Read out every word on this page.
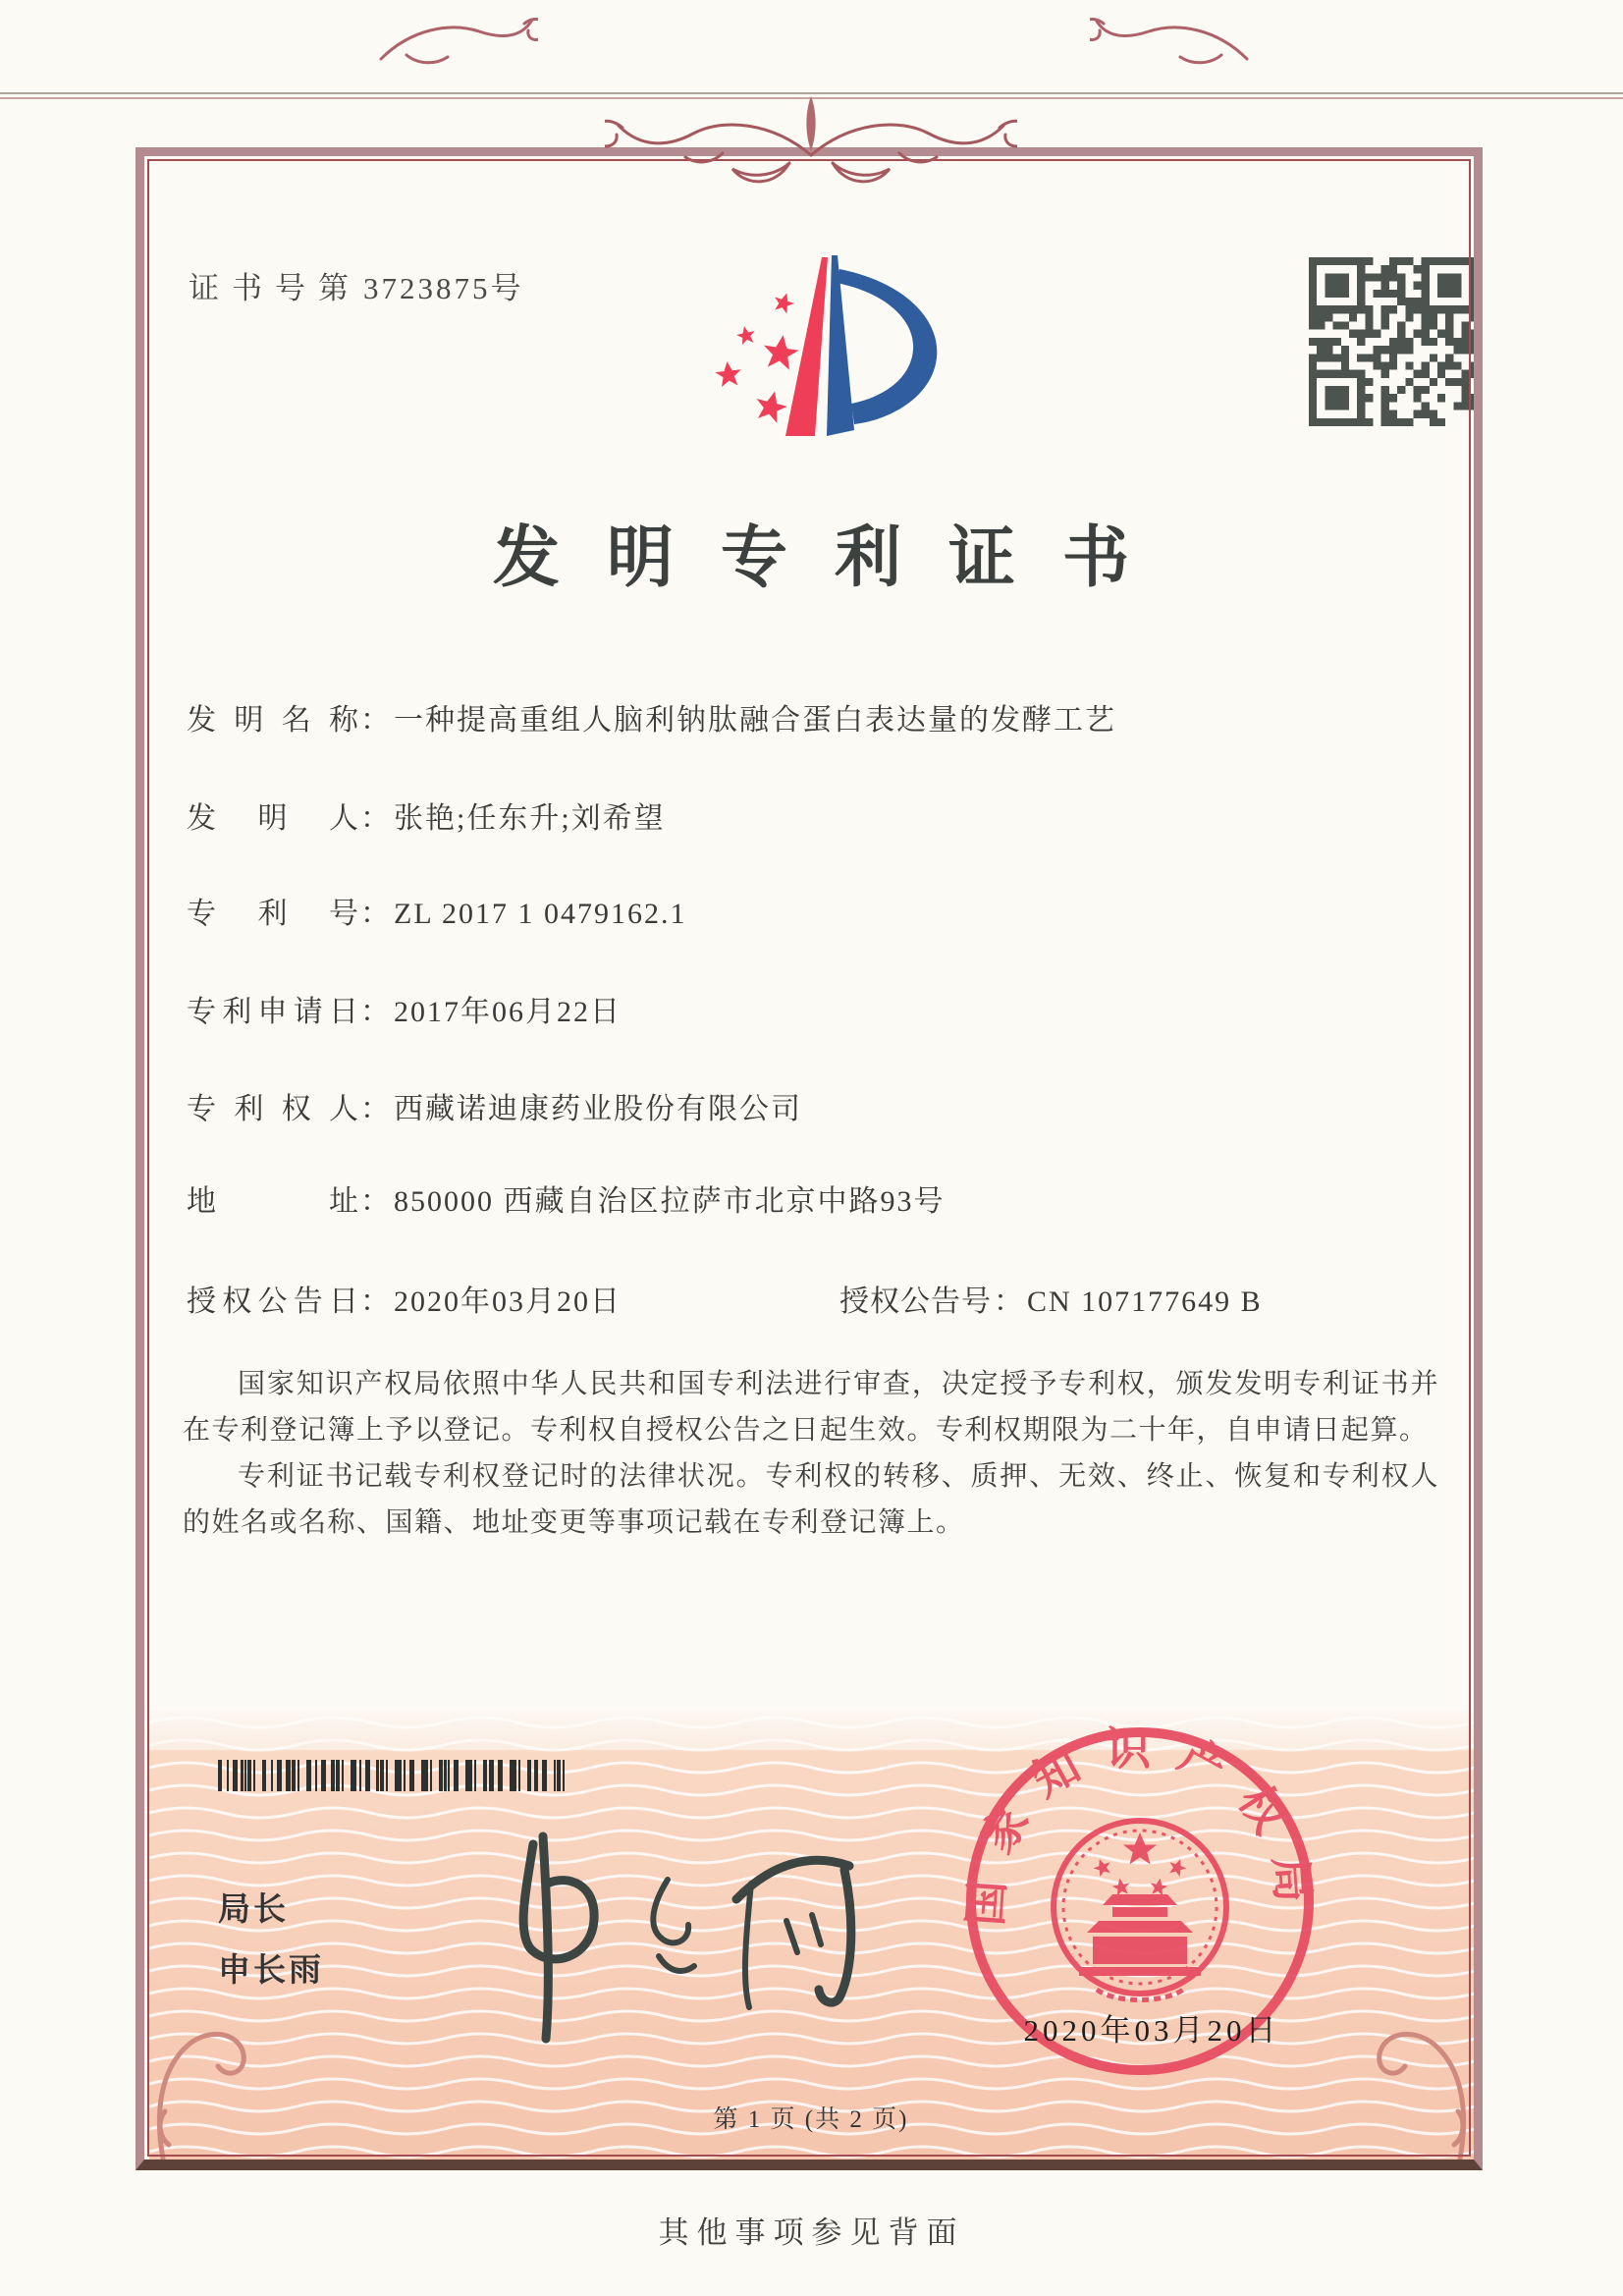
证书号第3723875号
发明专利证书
发明名称： 一种提高重组人脑利钠肽融合蛋白表达量的发酵工艺
发明人： 张艳;任东升;刘希望
专利号： ZL 2017 1 0479162.1
专利申请日： 2017年06月22日
专利权人： 西藏诺迪康药业股份有限公司
地址： 850000 西藏自治区拉萨市北京中路93号
授权公告日： 2020年03月20日	授权公告号： CN 107177649 B

国家知识产权局依照中华人民共和国专利法进行审查，决定授予专利权，颁发发明专利证书并在专利登记簿上予以登记。专利权自授权公告之日起生效。专利权期限为二十年，自申请日起算。

专利证书记载专利权登记时的法律状况。专利权的转移、质押、无效、终止、恢复和专利权人的姓名或名称、国籍、地址变更等事项记载在专利登记簿上。

局长
申长雨
国家知识产权局
2020年03月20日
第 1 页 (共 2 页)
其他事项参见背面
